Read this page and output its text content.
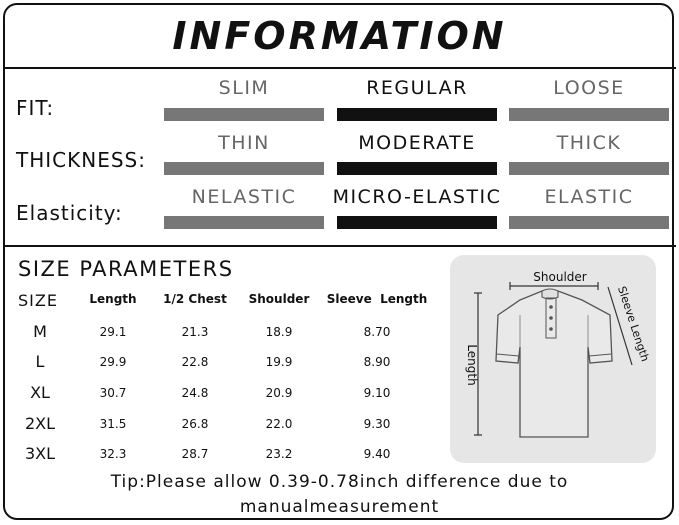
INFORMATION
FIT:
SLIM	REGULAR	LOOSE
THICKNESS:
THIN	MODERATE	THICK
Elasticity:
NELASTIC	MICRO-ELASTIC	ELASTIC
SIZE PARAMETERS
SIZE	Length	1/2 Chest	Shoulder	Sleeve  Length
M	29.1	21.3	18.9	8.70
L	29.9	22.8	19.9	8.90
XL	30.7	24.8	20.9	9.10
2XL	31.5	26.8	22.0	9.30
3XL	32.3	28.7	23.2	9.40
Shoulder
Length
Sleeve Length
Tip:Please allow 0.39-0.78inch difference due to
manualmeasurement
